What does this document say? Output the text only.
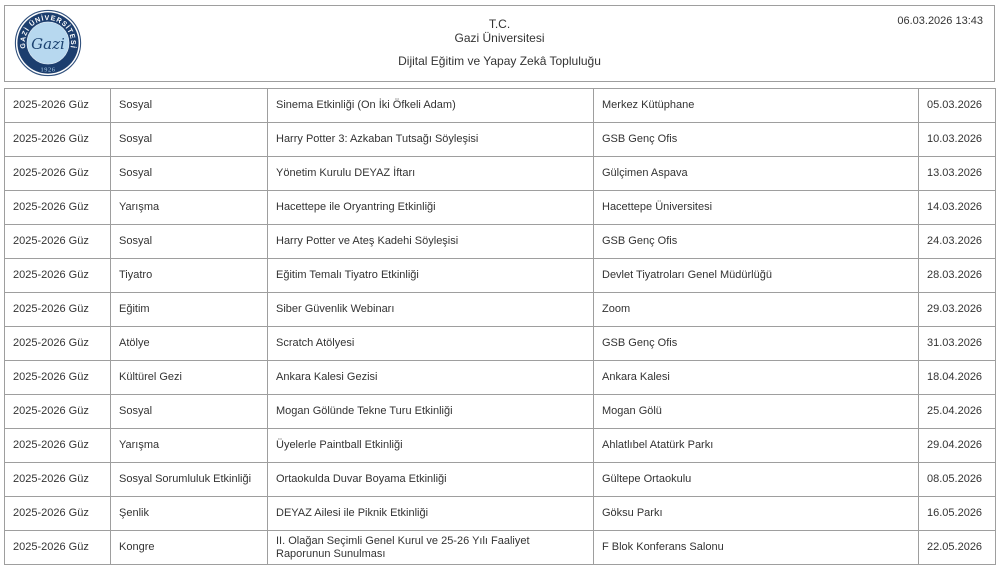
GAZİ ÜNİVERSİTESİ
Gazi
1926
06.03.2026 13:43
T.C.
Gazi Üniversitesi
Dijital Eğitim ve Yapay Zekâ Topluluğu
2025-2026 Güz	Sosyal	Sinema Etkinliği (On İki Öfkeli Adam)	Merkez Kütüphane	05.03.2026
2025-2026 Güz	Sosyal	Harry Potter 3: Azkaban Tutsağı Söyleşisi	GSB Genç Ofis	10.03.2026
2025-2026 Güz	Sosyal	Yönetim Kurulu DEYAZ İftarı	Gülçimen Aspava	13.03.2026
2025-2026 Güz	Yarışma	Hacettepe ile Oryantring Etkinliği	Hacettepe Üniversitesi	14.03.2026
2025-2026 Güz	Sosyal	Harry Potter ve Ateş Kadehi Söyleşisi	GSB Genç Ofis	24.03.2026
2025-2026 Güz	Tiyatro	Eğitim Temalı Tiyatro Etkinliği	Devlet Tiyatroları Genel Müdürlüğü	28.03.2026
2025-2026 Güz	Eğitim	Siber Güvenlik Webinarı	Zoom	29.03.2026
2025-2026 Güz	Atölye	Scratch Atölyesi	GSB Genç Ofis	31.03.2026
2025-2026 Güz	Kültürel Gezi	Ankara Kalesi Gezisi	Ankara Kalesi	18.04.2026
2025-2026 Güz	Sosyal	Mogan Gölünde Tekne Turu Etkinliği	Mogan Gölü	25.04.2026
2025-2026 Güz	Yarışma	Üyelerle Paintball Etkinliği	Ahlatlıbel Atatürk Parkı	29.04.2026
2025-2026 Güz	Sosyal Sorumluluk Etkinliği	Ortaokulda Duvar Boyama Etkinliği	Gültepe Ortaokulu	08.05.2026
2025-2026 Güz	Şenlik	DEYAZ Ailesi ile Piknik Etkinliği	Göksu Parkı	16.05.2026
2025-2026 Güz	Kongre	II. Olağan Seçimli Genel Kurul ve 25-26 Yılı Faaliyet Raporunun Sunulması	F Blok Konferans Salonu	22.05.2026
